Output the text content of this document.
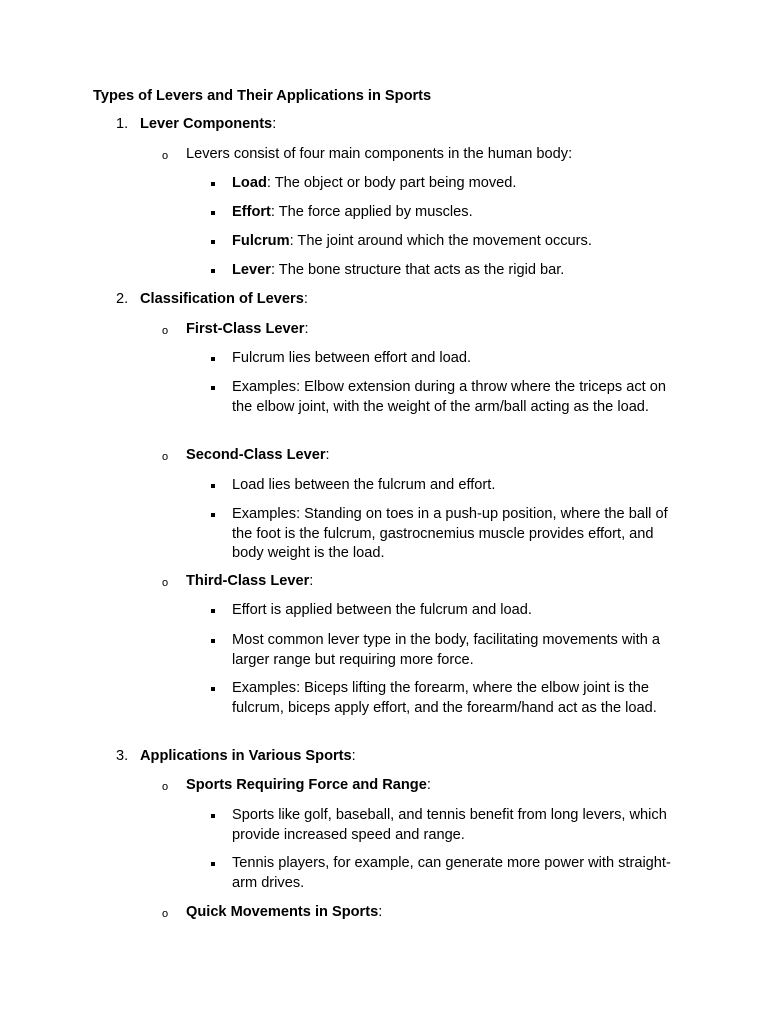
Types of Levers and Their Applications in Sports
1. Lever Components:
o Levers consist of four main components in the human body:
Load: The object or body part being moved.
Effort: The force applied by muscles.
Fulcrum: The joint around which the movement occurs.
Lever: The bone structure that acts as the rigid bar.
2. Classification of Levers:
o First-Class Lever:
Fulcrum lies between effort and load.
Examples: Elbow extension during a throw where the triceps act on the elbow joint, with the weight of the arm/ball acting as the load.
o Second-Class Lever:
Load lies between the fulcrum and effort.
Examples: Standing on toes in a push-up position, where the ball of the foot is the fulcrum, gastrocnemius muscle provides effort, and body weight is the load.
o Third-Class Lever:
Effort is applied between the fulcrum and load.
Most common lever type in the body, facilitating movements with a larger range but requiring more force.
Examples: Biceps lifting the forearm, where the elbow joint is the fulcrum, biceps apply effort, and the forearm/hand act as the load.
3. Applications in Various Sports:
o Sports Requiring Force and Range:
Sports like golf, baseball, and tennis benefit from long levers, which provide increased speed and range.
Tennis players, for example, can generate more power with straight-arm drives.
o Quick Movements in Sports:
